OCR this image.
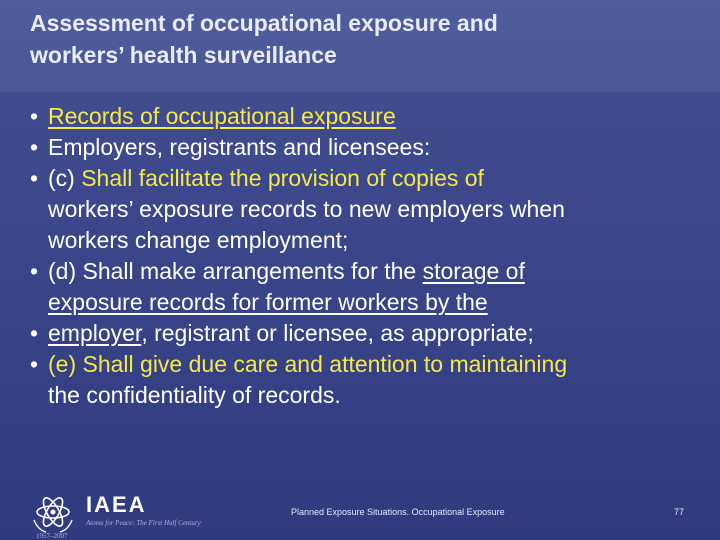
Assessment of occupational exposure and
workers’ health surveillance
• Records of occupational exposure
• Employers, registrants and licensees:
• (c) Shall facilitate the provision of copies of
workers’ exposure records to new employers when
workers change employment;
• (d) Shall make arrangements for the storage of
exposure records for former workers by the
• employer, registrant or licensee, as appropriate;
• (e) Shall give due care and attention to maintaining
the confidentiality of records.
IAEA
Atoms for Peace: The First Half Century
1957–2007
Planned Exposure Situations. Occupational Exposure	77
